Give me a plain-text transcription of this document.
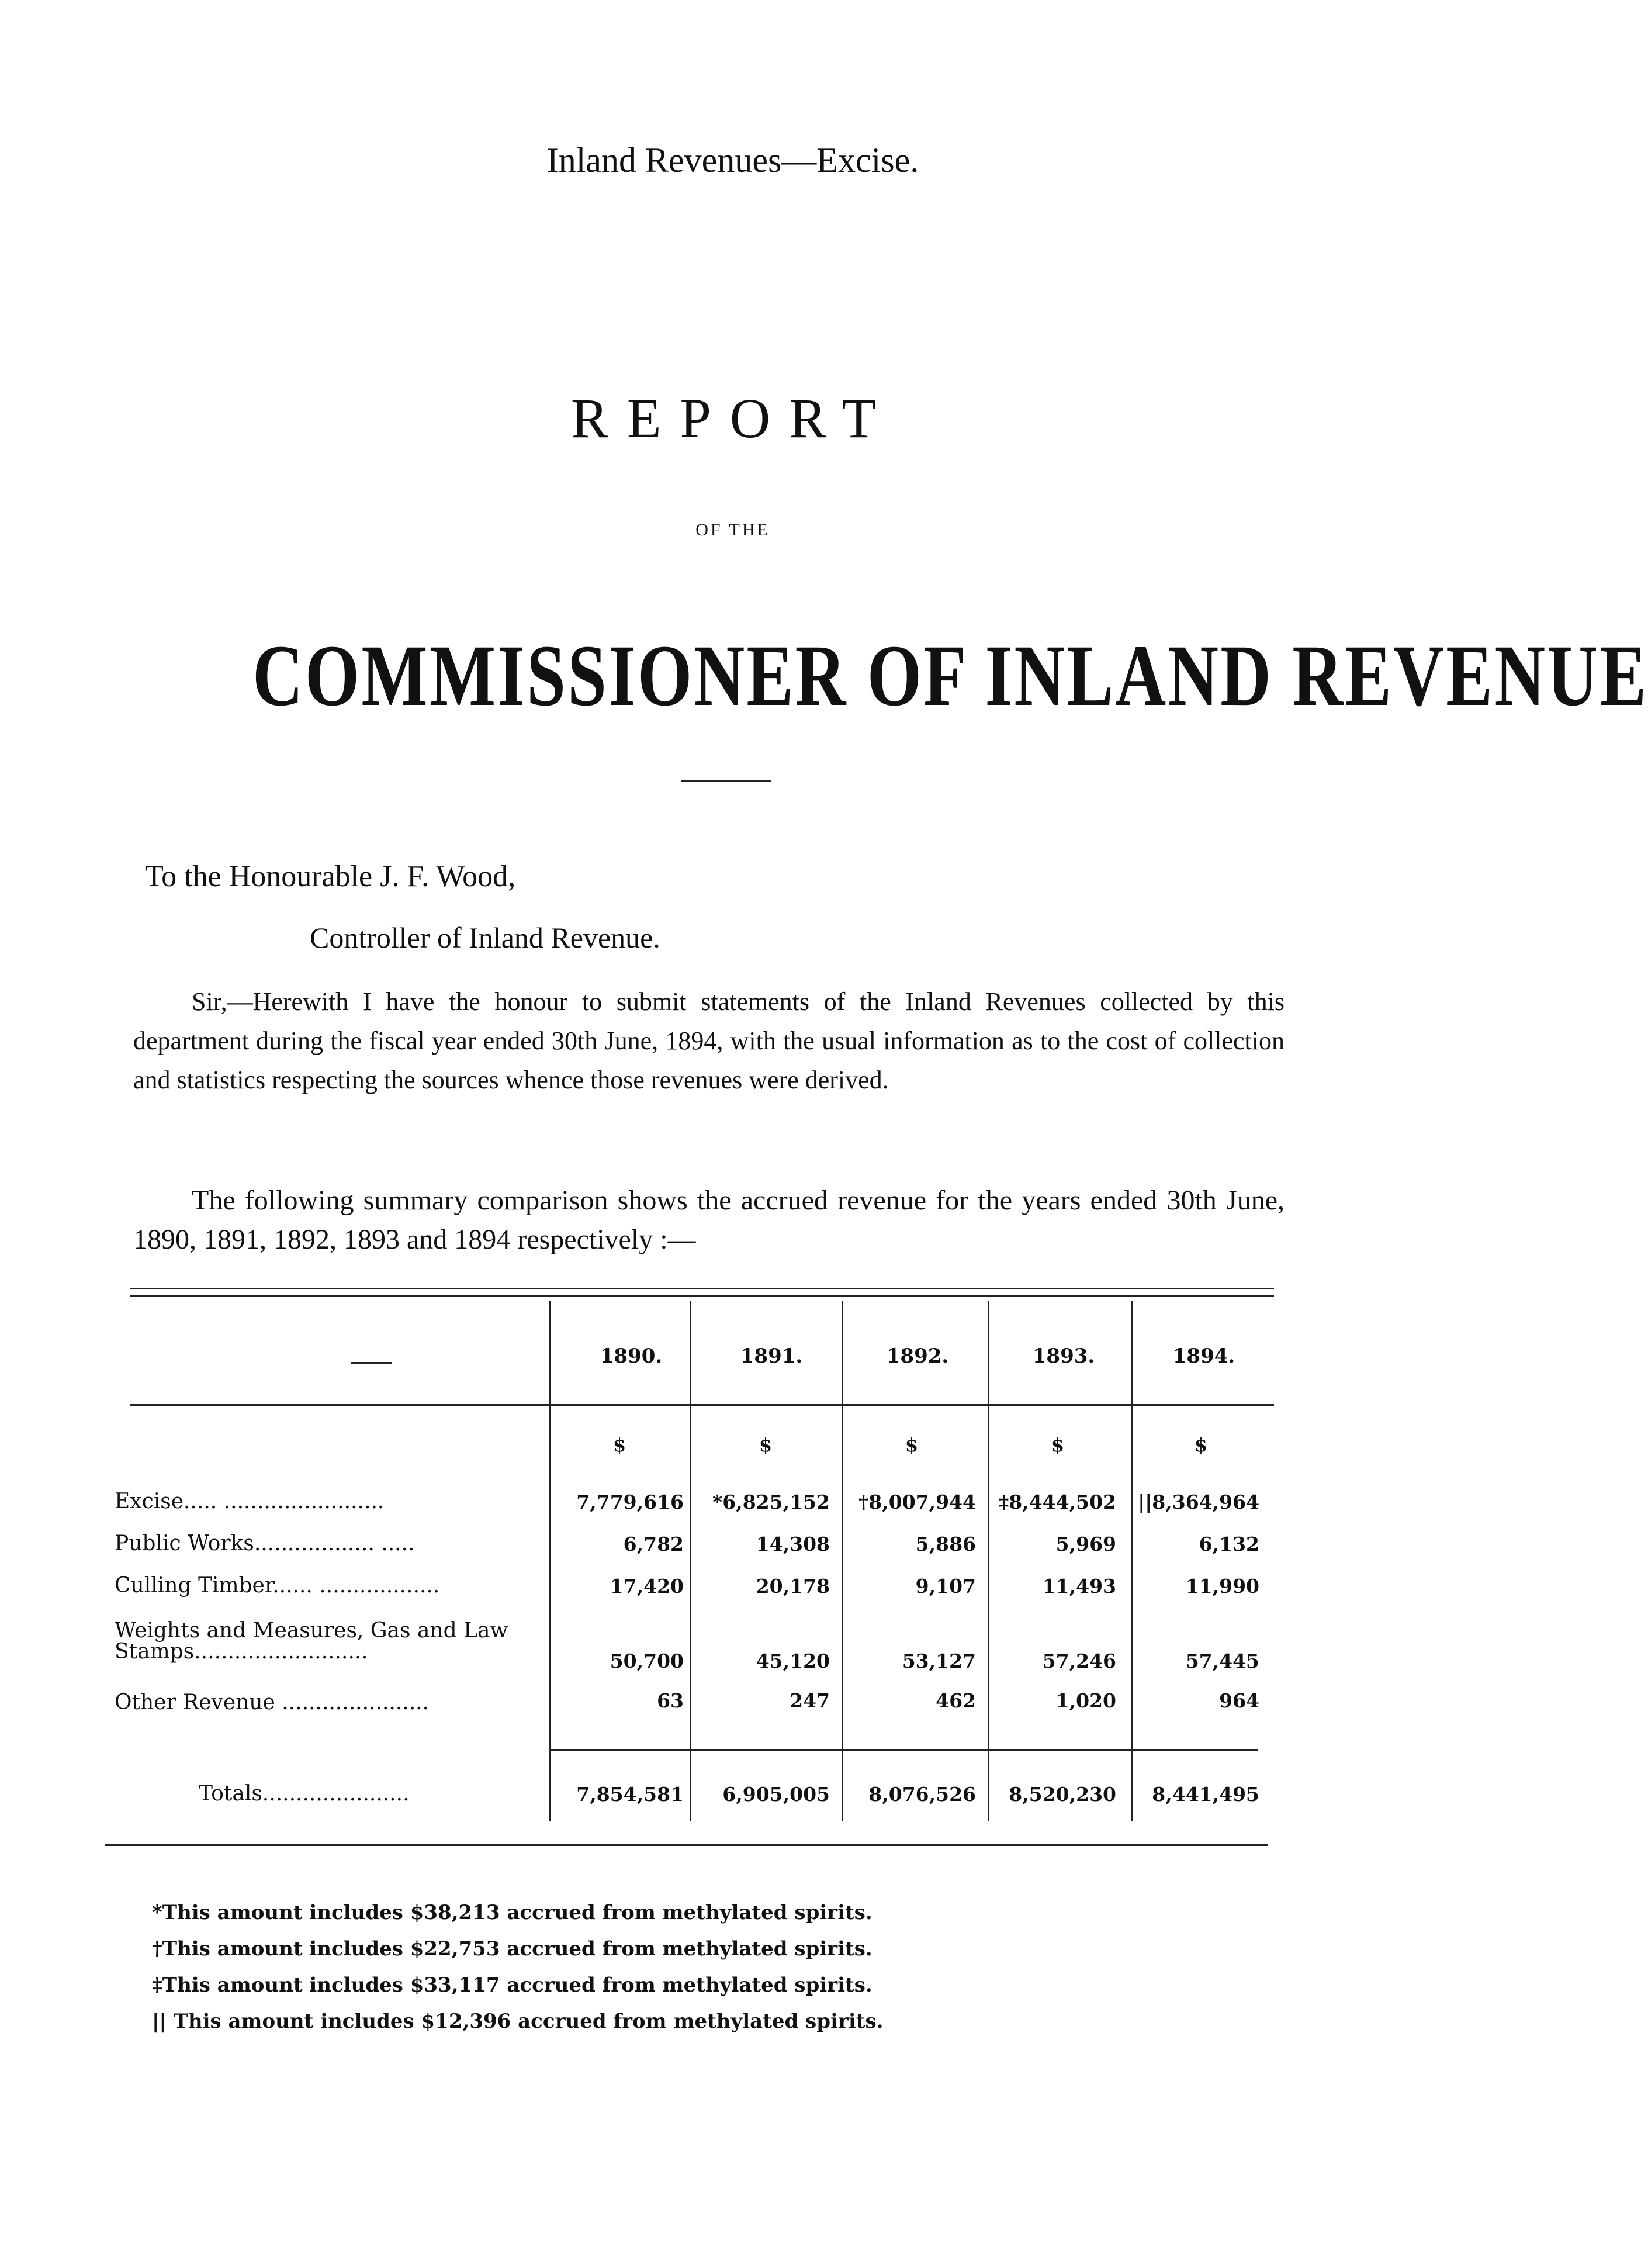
Inland Revenues—Excise.
REPORT
OF THE
COMMISSIONER OF INLAND REVENUE
To the Honourable J. F. Wood,
Controller of Inland Revenue.
Sir,—Herewith I have the honour to submit statements of the Inland Revenues collected by this department during the fiscal year ended 30th June, 1894, with the usual information as to the cost of collection and statistics respecting the sources whence those revenues were derived.
The following summary comparison shows the accrued revenue for the years ended 30th June, 1890, 1891, 1892, 1893 and 1894 respectively :—
1890.	1891.	1892.	1893.	1894.
$	$	$	$	$
Excise..... ........................	7,779,616	*6,825,152	†8,007,944	‡8,444,502	||8,364,964
Public Works.................. .....	6,782	14,308	5,886	5,969	6,132
Culling Timber...... ..................	17,420	20,178	9,107	11,493	11,990
Weights and Measures, Gas and Law Stamps..........................	50,700	45,120	53,127	57,246	57,445
Other Revenue ......................	63	247	462	1,020	964
Totals......................	7,854,581	6,905,005	8,076,526	8,520,230	8,441,495
*This amount includes $38,213 accrued from methylated spirits.
†This amount includes $22,753 accrued from methylated spirits.
‡This amount includes $33,117 accrued from methylated spirits.
|| This amount includes $12,396 accrued from methylated spirits.
